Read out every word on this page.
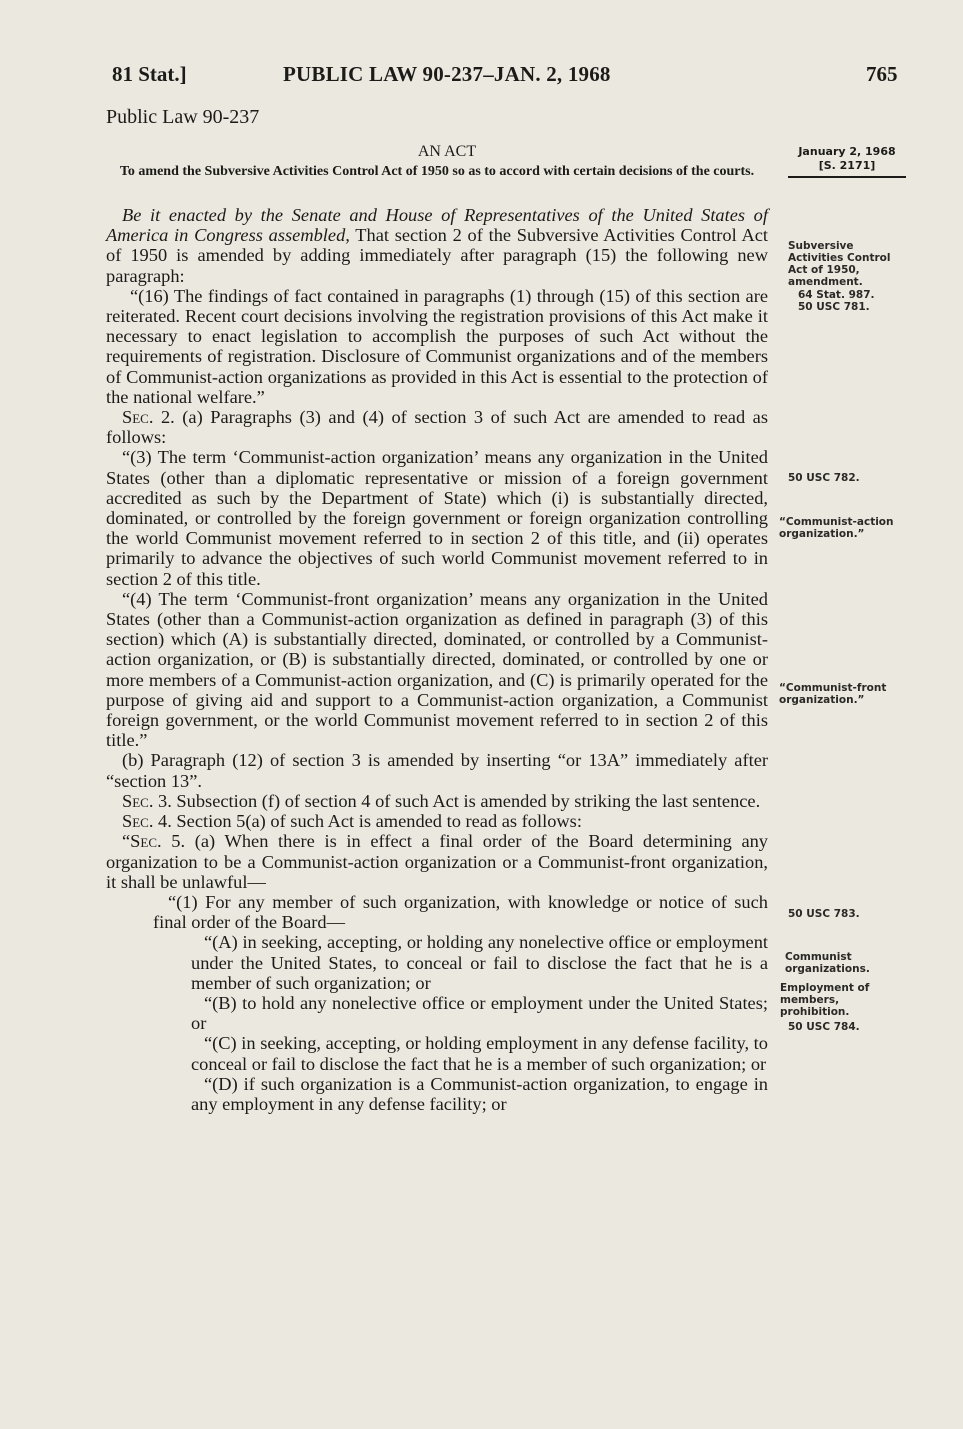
81 Stat.]	PUBLIC LAW 90-237–JAN. 2, 1968	765
January 2, 1968
[S. 2171]

Public Law 90-237

AN ACT
To amend the Subversive Activities Control Act of 1950 so as to accord with certain decisions of the courts.

Be it enacted by the Senate and House of Representatives of the United States of America in Congress assembled, That section 2 of the Subversive Activities Control Act of 1950 is amended by adding immediately after paragraph (15) the following new paragraph:

“(16) The findings of fact contained in paragraphs (1) through (15) of this section are reiterated. Recent court decisions involving the registration provisions of this Act make it necessary to enact legislation to accomplish the purposes of such Act without the requirements of registration. Disclosure of Communist organizations and of the members of Communist-action organizations as provided in this Act is essential to the protection of the national welfare.”

Sec. 2. (a) Paragraphs (3) and (4) of section 3 of such Act are amended to read as follows:

“(3) The term ‘Communist-action organization’ means any organization in the United States (other than a diplomatic representative or mission of a foreign government accredited as such by the Department of State) which (i) is substantially directed, dominated, or controlled by the foreign government or foreign organization controlling the world Communist movement referred to in section 2 of this title, and (ii) operates primarily to advance the objectives of such world Communist movement referred to in section 2 of this title.

“(4) The term ‘Communist-front organization’ means any organization in the United States (other than a Communist-action organization as defined in paragraph (3) of this section) which (A) is substantially directed, dominated, or controlled by a Communist-action organization, or (B) is substantially directed, dominated, or controlled by one or more members of a Communist-action organization, and (C) is primarily operated for the purpose of giving aid and support to a Communist-action organization, a Communist foreign government, or the world Communist movement referred to in section 2 of this title.”

(b) Paragraph (12) of section 3 is amended by inserting “or 13A” immediately after “section 13”.

Sec. 3. Subsection (f) of section 4 of such Act is amended by striking the last sentence.

Sec. 4. Section 5(a) of such Act is amended to read as follows:

“Sec. 5. (a) When there is in effect a final order of the Board determining any organization to be a Communist-action organization or a Communist-front organization, it shall be unlawful—

“(1) For any member of such organization, with knowledge or notice of such final order of the Board—

“(A) in seeking, accepting, or holding any nonelective office or employment under the United States, to conceal or fail to disclose the fact that he is a member of such organization; or

“(B) to hold any nonelective office or employment under the United States; or

“(C) in seeking, accepting, or holding employment in any defense facility, to conceal or fail to disclose the fact that he is a member of such organization; or

“(D) if such organization is a Communist-action organization, to engage in any employment in any defense facility; or

Subversive Activities Control Act of 1950, amendment.
64 Stat. 987.
50 USC 781.
50 USC 782.
“Communist-action organization.”
“Communist-front organization.”
50 USC 783.
Communist organizations.
Employment of members, prohibition.
50 USC 784.
